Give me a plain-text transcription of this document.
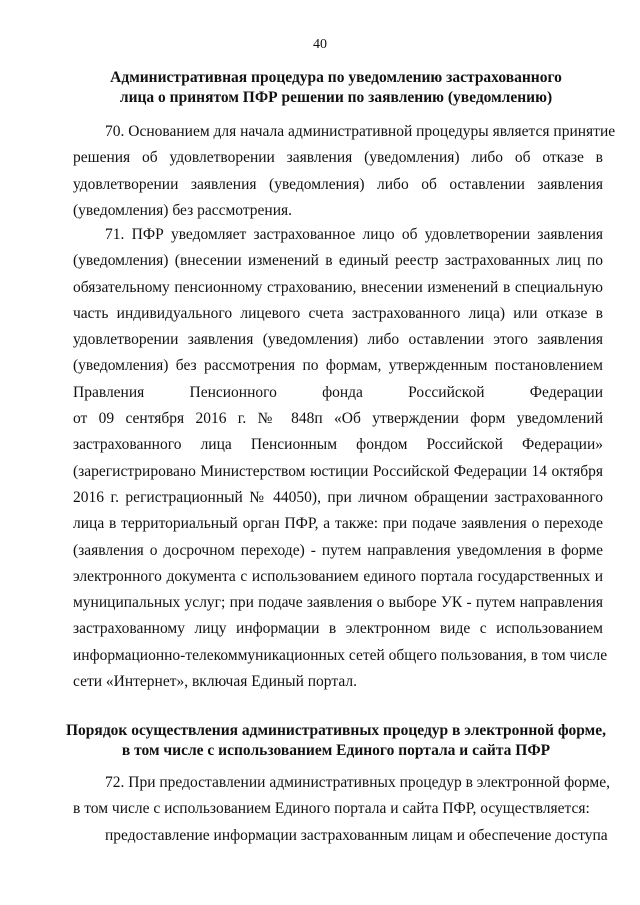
40
Административная процедура по уведомлению застрахованного
лица о принятом ПФР решении по заявлению (уведомлению)
70. Основанием для начала административной процедуры является принятие
решения об удовлетворении заявления (уведомления) либо об отказе в
удовлетворении заявления (уведомления) либо об оставлении заявления
(уведомления) без рассмотрения.
71. ПФР уведомляет застрахованное лицо об удовлетворении заявления
(уведомления) (внесении изменений в единый реестр застрахованных лиц по
обязательному пенсионному страхованию, внесении изменений в специальную
часть индивидуального лицевого счета застрахованного лица) или отказе в
удовлетворении заявления (уведомления) либо оставлении этого заявления
(уведомления) без рассмотрения по формам, утвержденным постановлением
Правления Пенсионного фонда Российской Федерации
от 09 сентября 2016 г. № 848п «Об утверждении форм уведомлений
застрахованного лица Пенсионным фондом Российской Федерации»
(зарегистрировано Министерством юстиции Российской Федерации 14 октября
2016 г. регистрационный № 44050), при личном обращении застрахованного
лица в территориальный орган ПФР, а также: при подаче заявления о переходе
(заявления о досрочном переходе) - путем направления уведомления в форме
электронного документа с использованием единого портала государственных и
муниципальных услуг; при подаче заявления о выборе УК - путем направления
застрахованному лицу информации в электронном виде с использованием
информационно-телекоммуникационных сетей общего пользования, в том числе
сети «Интернет», включая Единый портал.
Порядок осуществления административных процедур в электронной форме,
в том числе с использованием Единого портала и сайта ПФР
72. При предоставлении административных процедур в электронной форме,
в том числе с использованием Единого портала и сайта ПФР, осуществляется:
предоставление информации застрахованным лицам и обеспечение доступа
